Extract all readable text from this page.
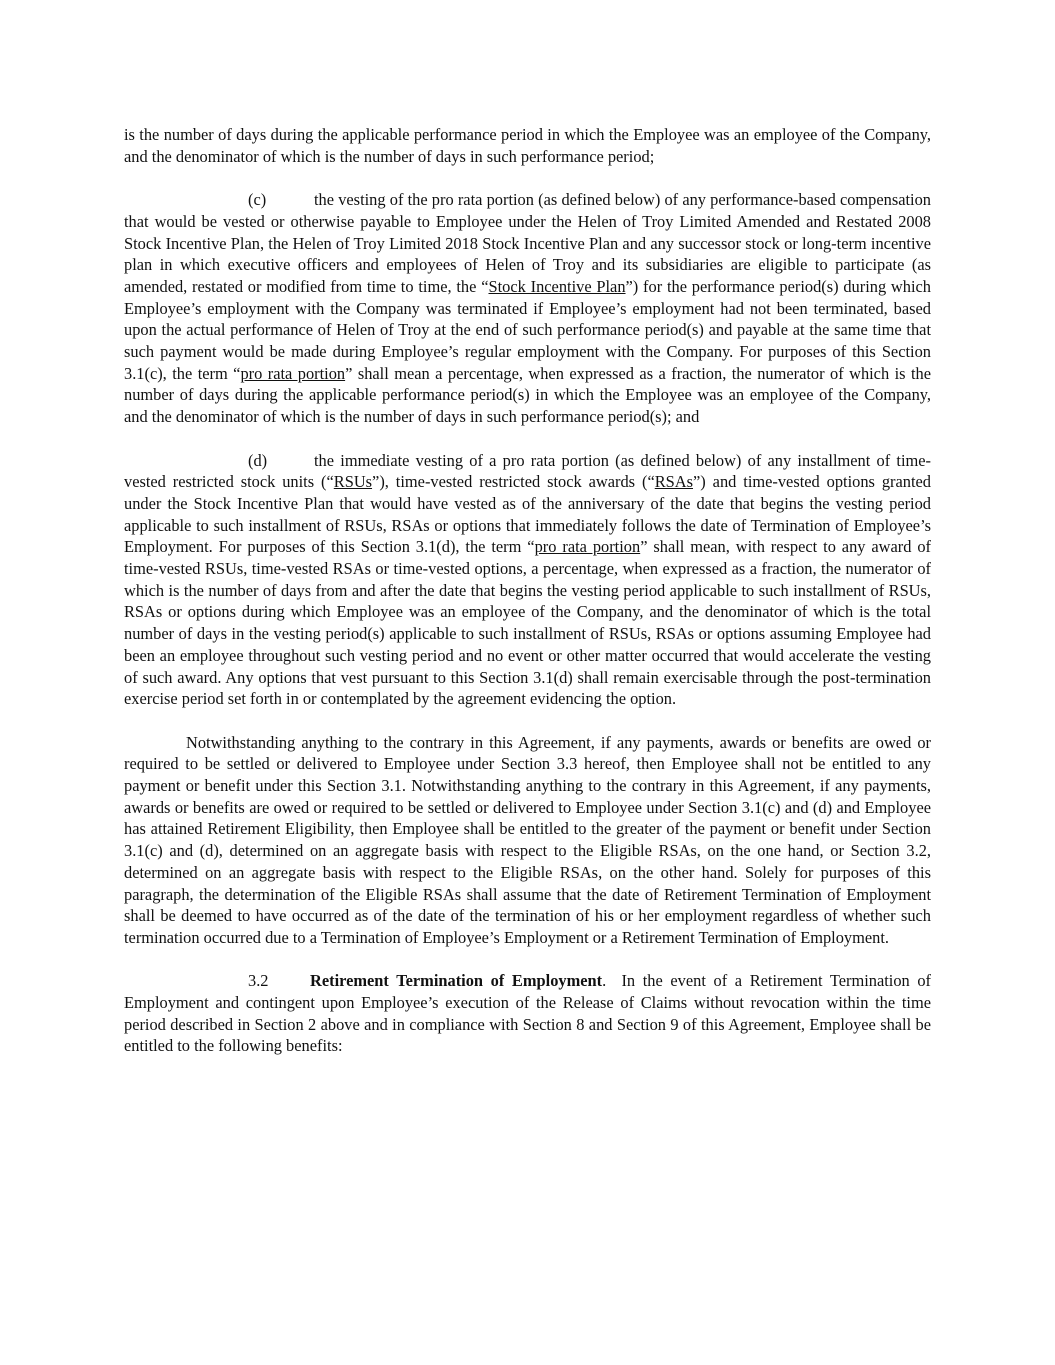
is the number of days during the applicable performance period in which the Employee was an employee of the Company, and the denominator of which is the number of days in such performance period;

(c)	the vesting of the pro rata portion (as defined below) of any performance-based compensation that would be vested or otherwise payable to Employee under the Helen of Troy Limited Amended and Restated 2008 Stock Incentive Plan, the Helen of Troy Limited 2018 Stock Incentive Plan and any successor stock or long-term incentive plan in which executive officers and employees of Helen of Troy and its subsidiaries are eligible to participate (as amended, restated or modified from time to time, the “Stock Incentive Plan”) for the performance period(s) during which Employee’s employment with the Company was terminated if Employee’s employment had not been terminated, based upon the actual performance of Helen of Troy at the end of such performance period(s) and payable at the same time that such payment would be made during Employee’s regular employment with the Company. For purposes of this Section 3.1(c), the term “pro rata portion” shall mean a percentage, when expressed as a fraction, the numerator of which is the number of days during the applicable performance period(s) in which the Employee was an employee of the Company, and the denominator of which is the number of days in such performance period(s); and

(d)	the immediate vesting of a pro rata portion (as defined below) of any installment of time-vested restricted stock units (“RSUs”), time-vested restricted stock awards (“RSAs”) and time-vested options granted under the Stock Incentive Plan that would have vested as of the anniversary of the date that begins the vesting period applicable to such installment of RSUs, RSAs or options that immediately follows the date of Termination of Employee’s Employment. For purposes of this Section 3.1(d), the term “pro rata portion” shall mean, with respect to any award of time-vested RSUs, time-vested RSAs or time-vested options, a percentage, when expressed as a fraction, the numerator of which is the number of days from and after the date that begins the vesting period applicable to such installment of RSUs, RSAs or options during which Employee was an employee of the Company, and the denominator of which is the total number of days in the vesting period(s) applicable to such installment of RSUs, RSAs or options assuming Employee had been an employee throughout such vesting period and no event or other matter occurred that would accelerate the vesting of such award. Any options that vest pursuant to this Section 3.1(d) shall remain exercisable through the post-termination exercise period set forth in or contemplated by the agreement evidencing the option.

Notwithstanding anything to the contrary in this Agreement, if any payments, awards or benefits are owed or required to be settled or delivered to Employee under Section 3.3 hereof, then Employee shall not be entitled to any payment or benefit under this Section 3.1. Notwithstanding anything to the contrary in this Agreement, if any payments, awards or benefits are owed or required to be settled or delivered to Employee under Section 3.1(c) and (d) and Employee has attained Retirement Eligibility, then Employee shall be entitled to the greater of the payment or benefit under Section 3.1(c) and (d), determined on an aggregate basis with respect to the Eligible RSAs, on the one hand, or Section 3.2, determined on an aggregate basis with respect to the Eligible RSAs, on the other hand. Solely for purposes of this paragraph, the determination of the Eligible RSAs shall assume that the date of Retirement Termination of Employment shall be deemed to have occurred as of the date of the termination of his or her employment regardless of whether such termination occurred due to a Termination of Employee’s Employment or a Retirement Termination of Employment.

3.2	Retirement Termination of Employment. In the event of a Retirement Termination of Employment and contingent upon Employee’s execution of the Release of Claims without revocation within the time period described in Section 2 above and in compliance with Section 8 and Section 9 of this Agreement, Employee shall be entitled to the following benefits:
